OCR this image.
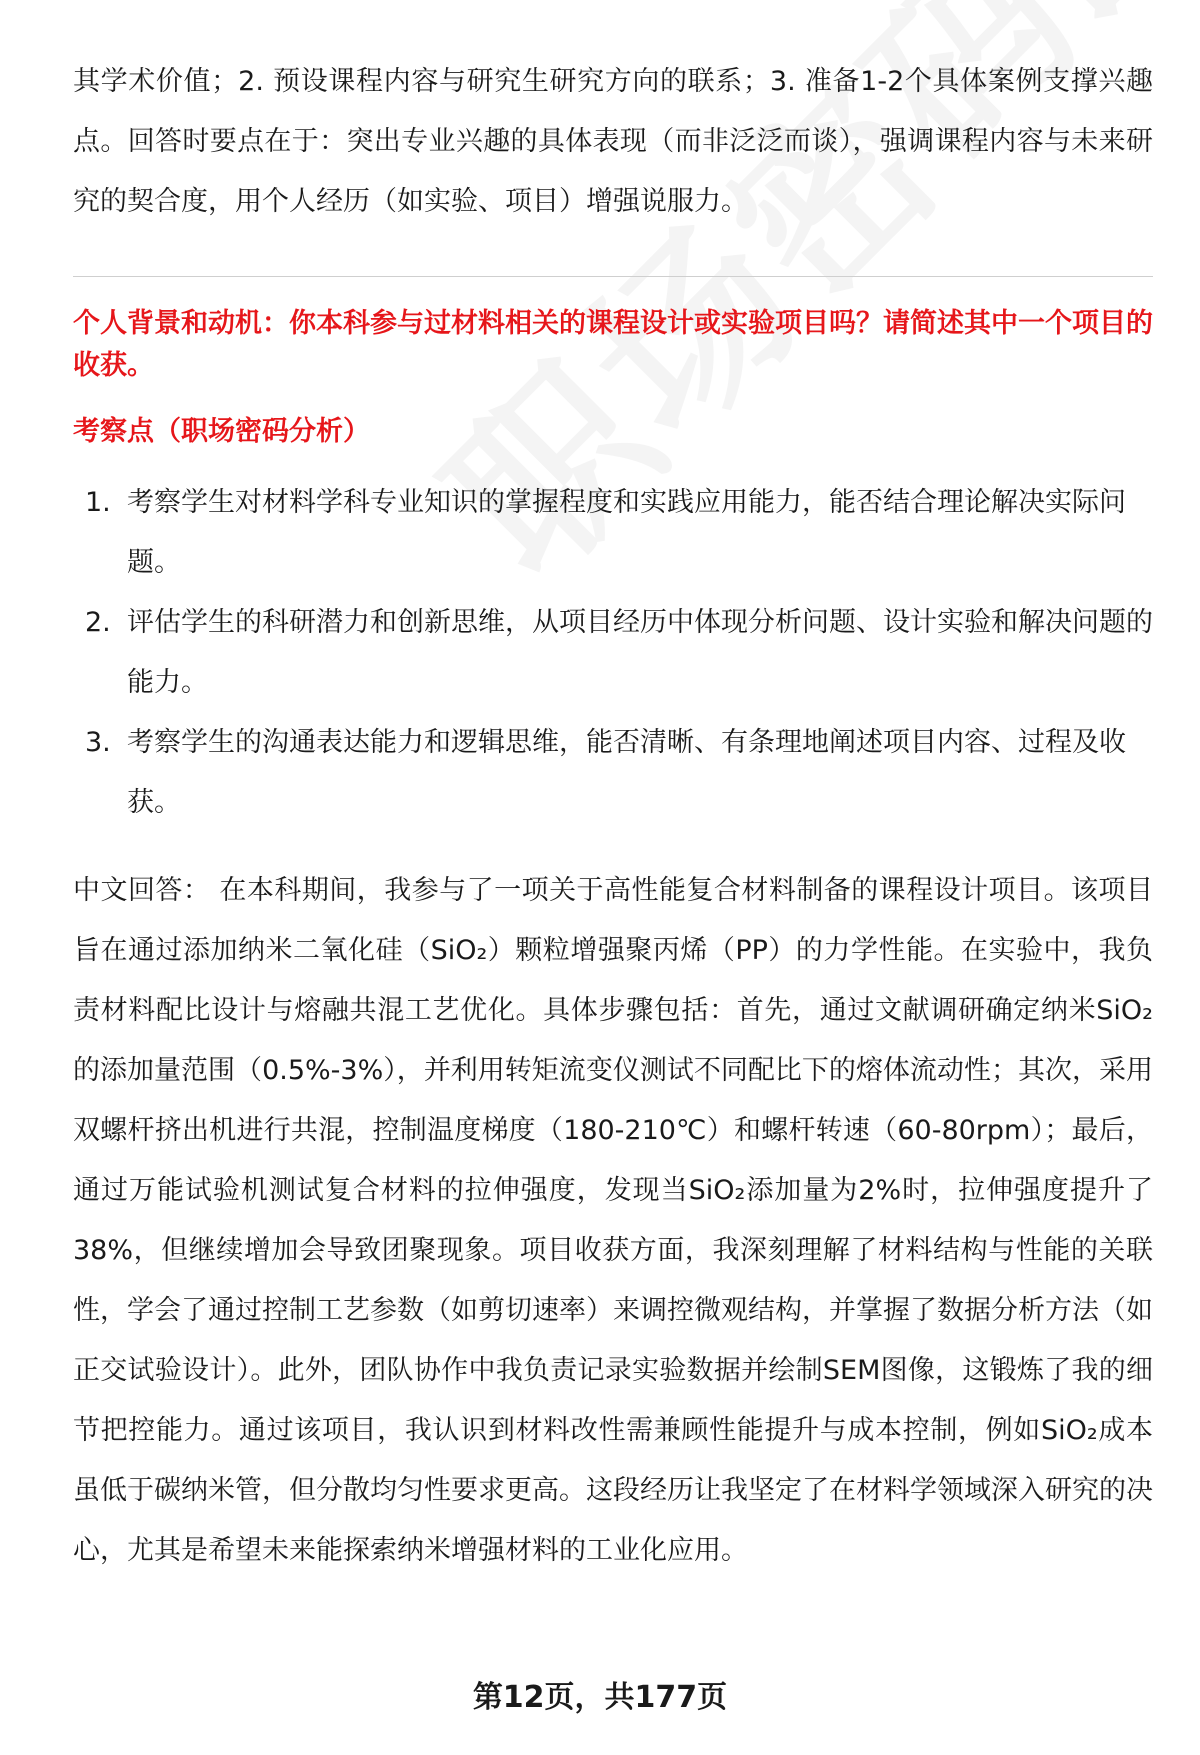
其学术价值；2. 预设课程内容与研究生研究方向的联系；3. 准备1-2个具体案例支撑兴趣点。回答时要点在于：突出专业兴趣的具体表现（而非泛泛而谈），强调课程内容与未来研究的契合度，用个人经历（如实验、项目）增强说服力。

个人背景和动机：你本科参与过材料相关的课程设计或实验项目吗？请简述其中一个项目的收获。

考察点（职场密码分析）

1. 考察学生对材料学科专业知识的掌握程度和实践应用能力，能否结合理论解决实际问题。
2. 评估学生的科研潜力和创新思维，从项目经历中体现分析问题、设计实验和解决问题的能力。
3. 考察学生的沟通表达能力和逻辑思维，能否清晰、有条理地阐述项目内容、过程及收获。

中文回答： 在本科期间，我参与了一项关于高性能复合材料制备的课程设计项目。该项目旨在通过添加纳米二氧化硅（SiO₂）颗粒增强聚丙烯（PP）的力学性能。在实验中，我负责材料配比设计与熔融共混工艺优化。具体步骤包括：首先，通过文献调研确定纳米SiO₂的添加量范围（0.5%-3%），并利用转矩流变仪测试不同配比下的熔体流动性；其次，采用双螺杆挤出机进行共混，控制温度梯度（180-210℃）和螺杆转速（60-80rpm）；最后，通过万能试验机测试复合材料的拉伸强度，发现当SiO₂添加量为2%时，拉伸强度提升了38%，但继续增加会导致团聚现象。项目收获方面，我深刻理解了材料结构与性能的关联性，学会了通过控制工艺参数（如剪切速率）来调控微观结构，并掌握了数据分析方法（如正交试验设计）。此外，团队协作中我负责记录实验数据并绘制SEM图像，这锻炼了我的细节把控能力。通过该项目，我认识到材料改性需兼顾性能提升与成本控制，例如SiO₂成本虽低于碳纳米管，但分散均匀性要求更高。这段经历让我坚定了在材料学领域深入研究的决心，尤其是希望未来能探索纳米增强材料的工业化应用。

第12页，共177页
